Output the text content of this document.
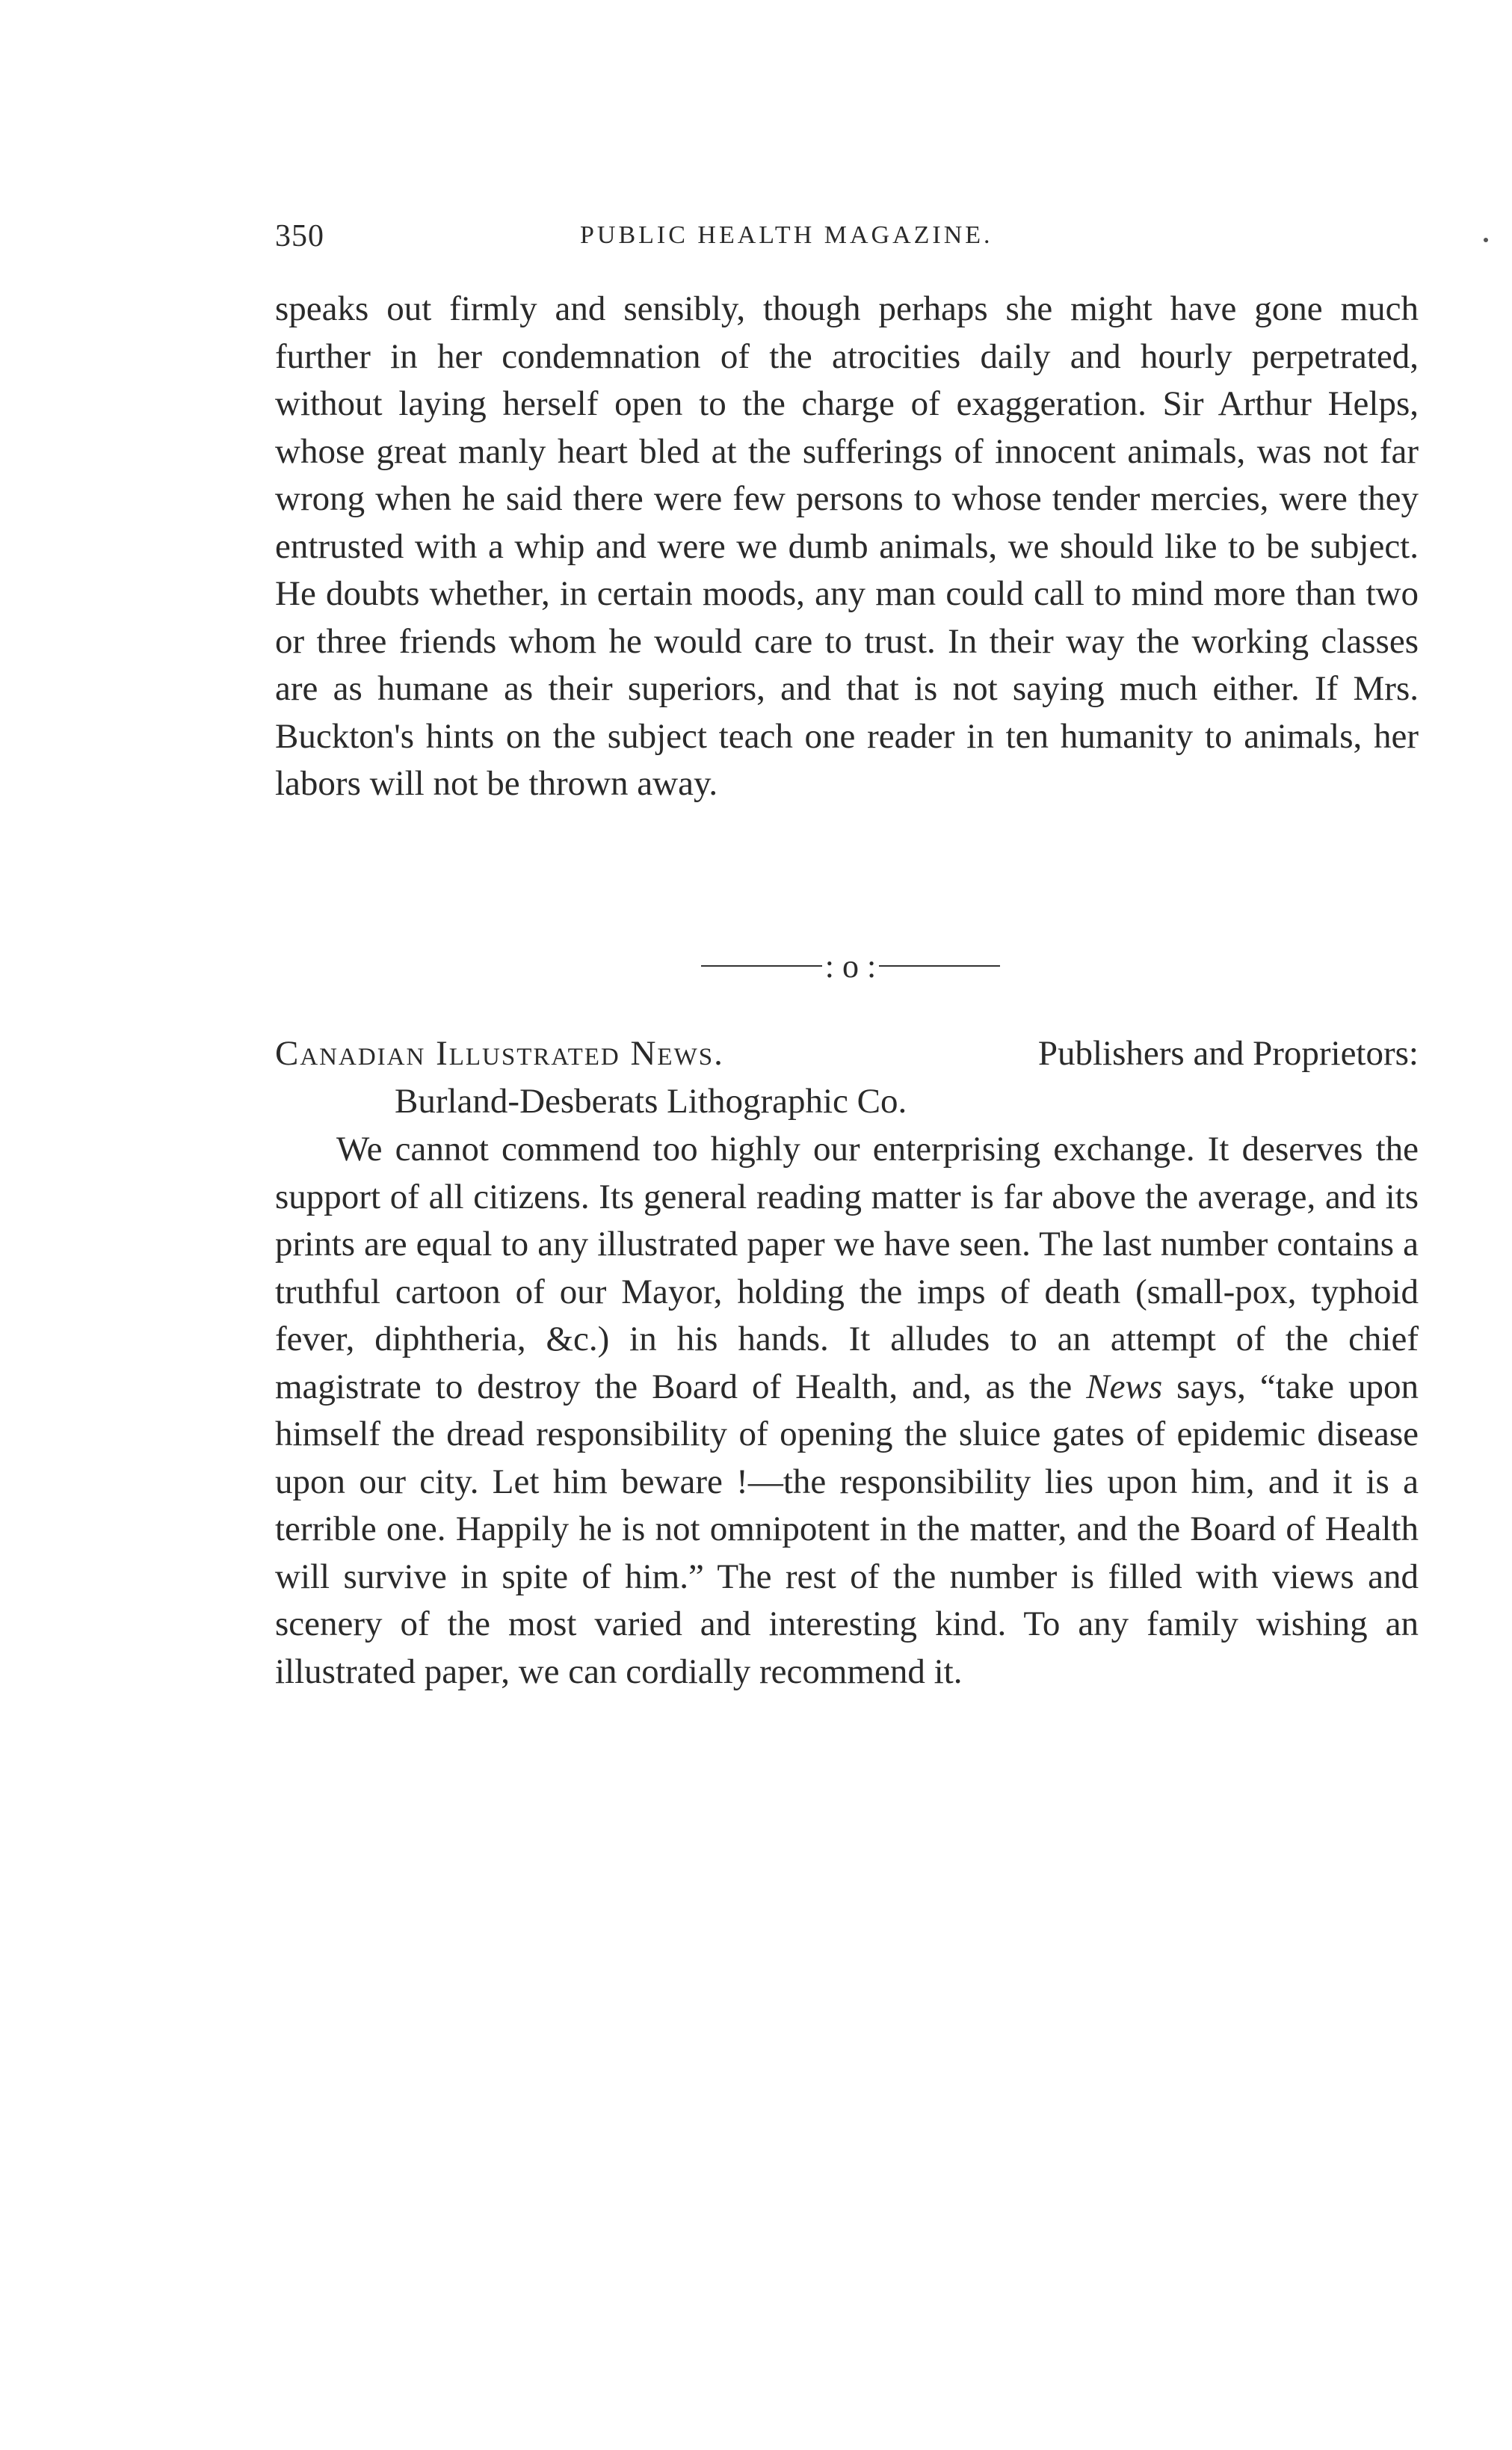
350	PUBLIC HEALTH MAGAZINE.

speaks out firmly and sensibly, though perhaps she might have gone much further in her condemnation of the atrocities daily and hourly perpetrated, without laying herself open to the charge of exaggeration. Sir Arthur Helps, whose great manly heart bled at the sufferings of innocent animals, was not far wrong when he said there were few persons to whose tender mercies, were they entrusted with a whip and were we dumb animals, we should like to be subject. He doubts whether, in certain moods, any man could call to mind more than two or three friends whom he would care to trust. In their way the working classes are as humane as their superiors, and that is not saying much either. If Mrs. Buckton's hints on the subject teach one reader in ten humanity to animals, her labors will not be thrown away.

: o :
Canadian Illustrated News.	Publishers and Proprietors:
Burland-Desberats Lithographic Co.

We cannot commend too highly our enterprising exchange. It deserves the support of all citizens. Its general reading matter is far above the average, and its prints are equal to any illustrated paper we have seen. The last number contains a truthful cartoon of our Mayor, holding the imps of death (small-pox, typhoid fever, diphtheria, &c.) in his hands. It alludes to an attempt of the chief magistrate to destroy the Board of Health, and, as the News says, “take upon himself the dread responsibility of opening the sluice gates of epidemic disease upon our city. Let him beware !—the responsibility lies upon him, and it is a terrible one. Happily he is not omnipotent in the matter, and the Board of Health will survive in spite of him.” The rest of the number is filled with views and scenery of the most varied and interesting kind. To any family wishing an illustrated paper, we can cordially recommend it.
